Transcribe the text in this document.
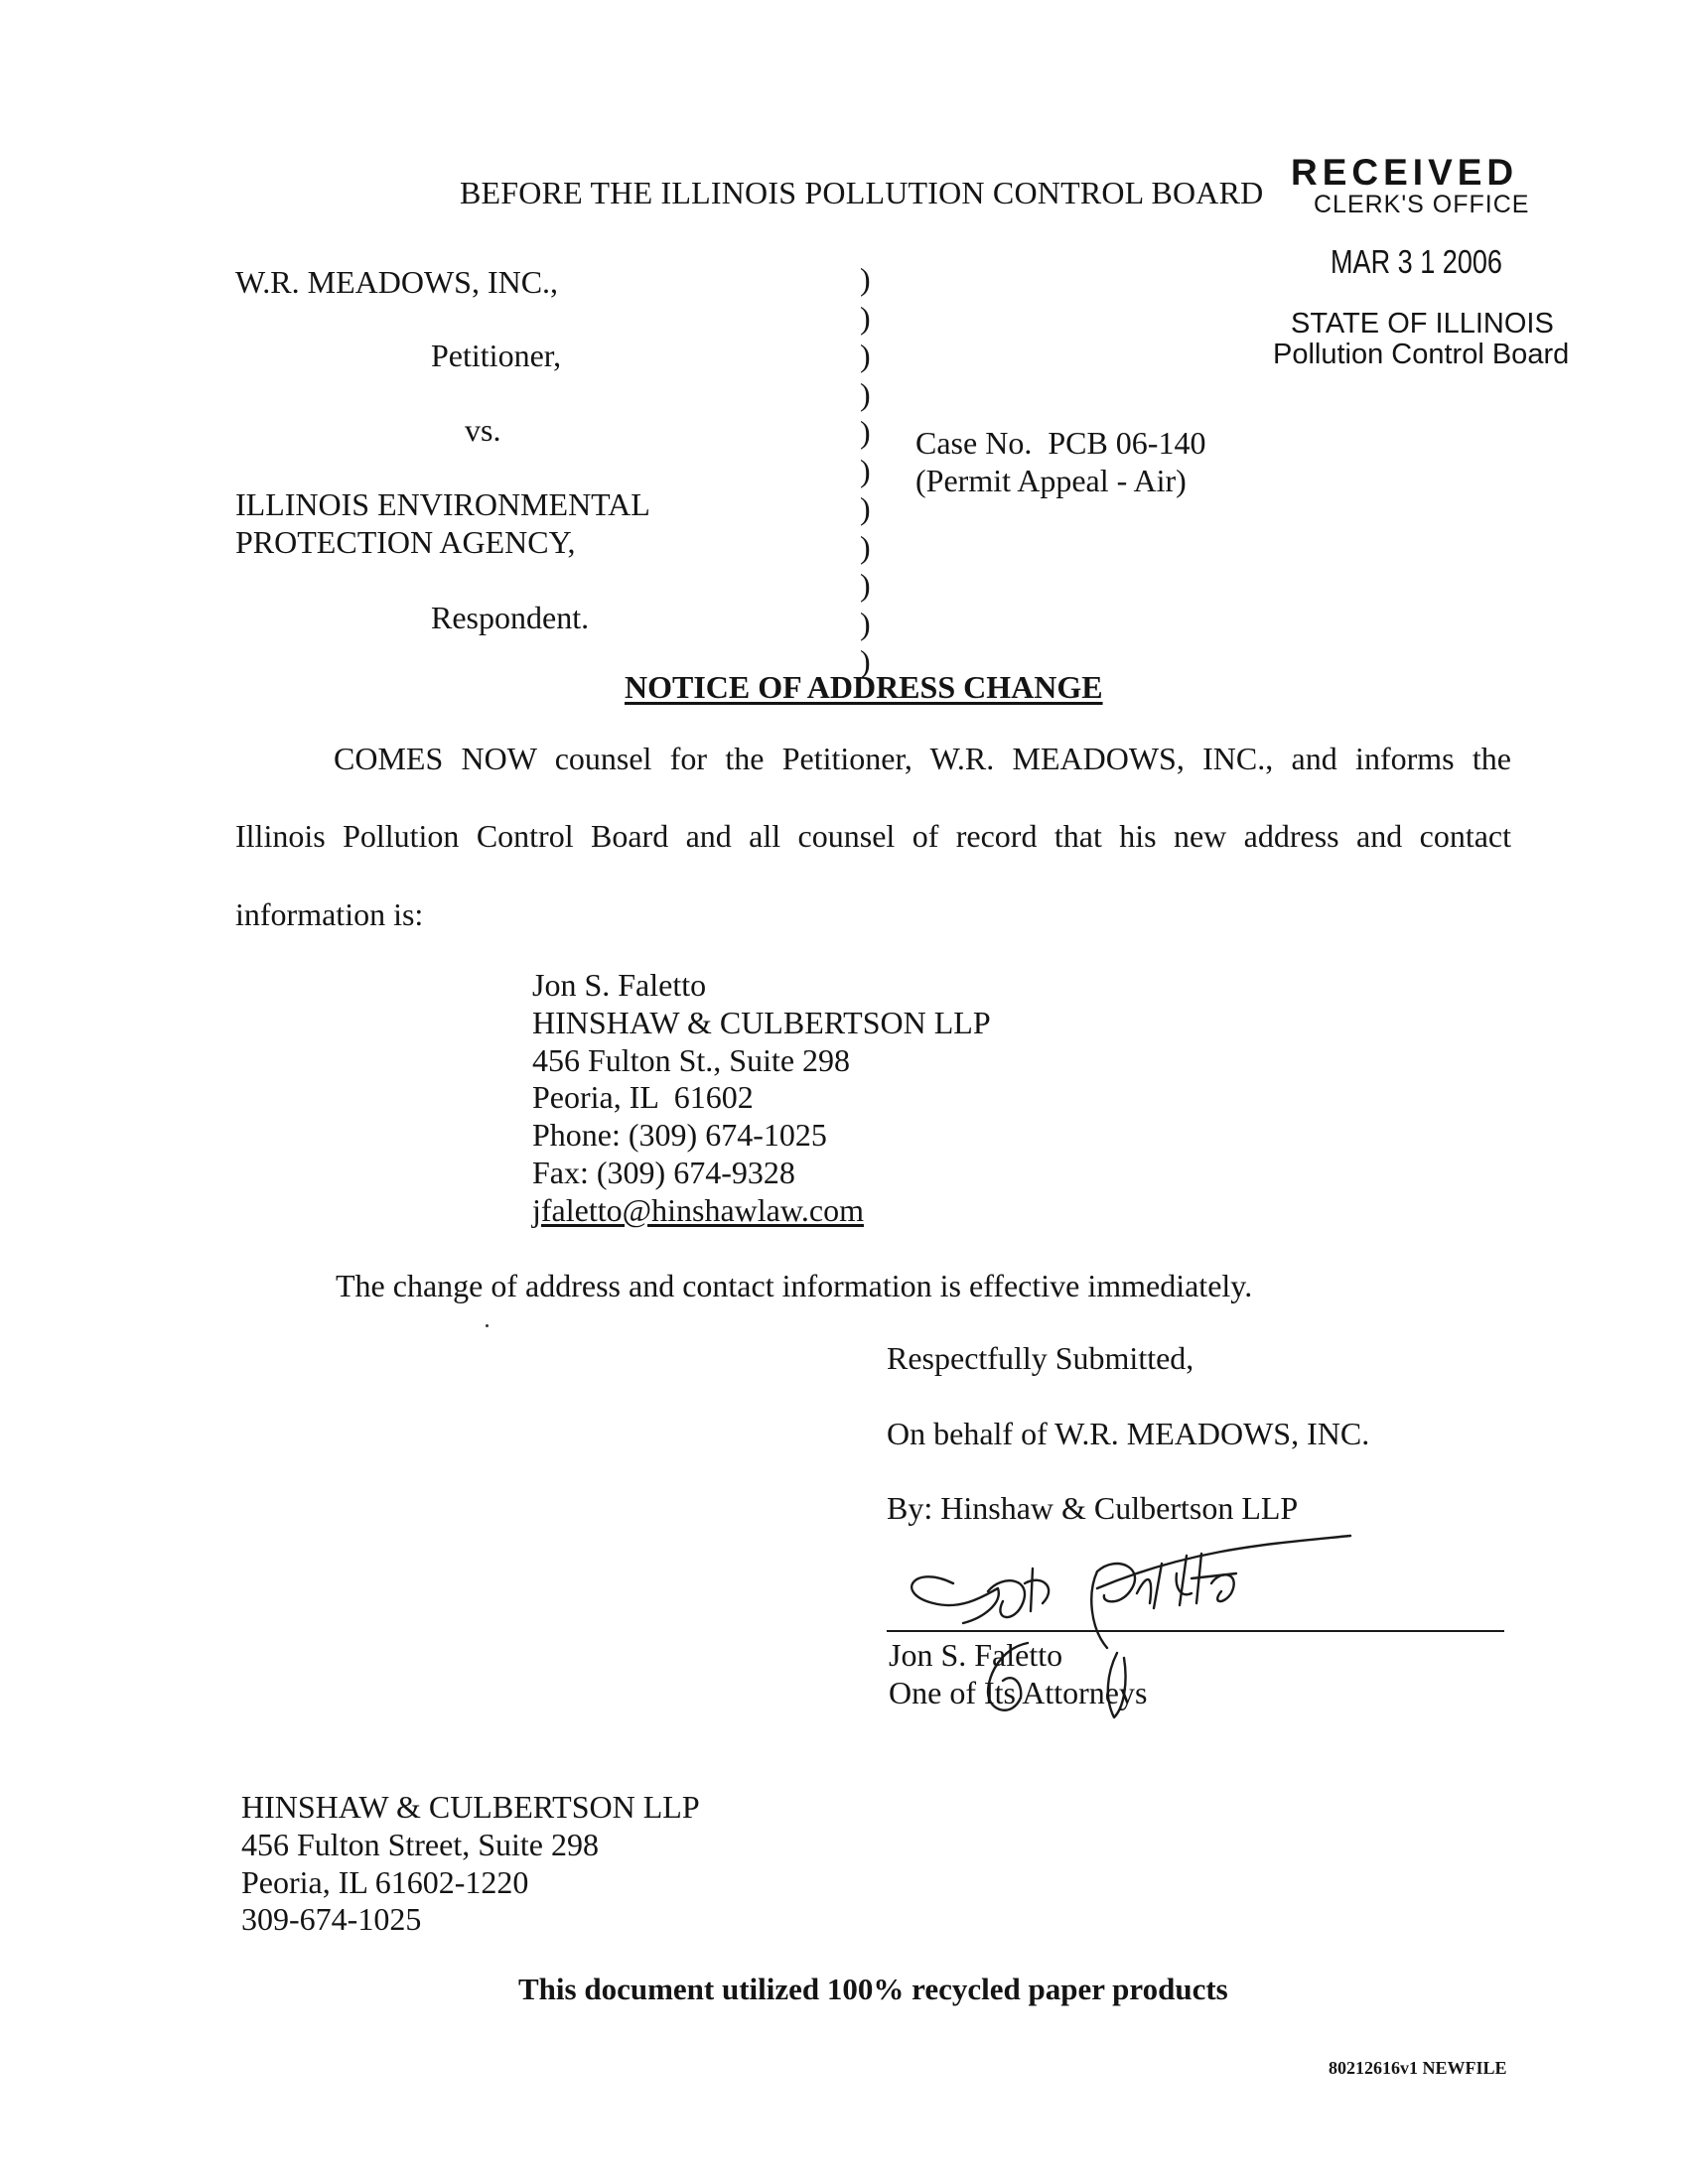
BEFORE THE ILLINOIS POLLUTION CONTROL BOARD RECEIVED
CLERK'S OFFICE
MAR 3 1 2006
STATE OF ILLINOIS
Pollution Control Board
W.R. MEADOWS, INC.,
Petitioner,
vs.
ILLINOIS ENVIRONMENTAL
PROTECTION AGENCY,
Respondent.
)
)
)
)
)
)
)
)
)
)
)
Case No.  PCB 06-140
(Permit Appeal - Air)
NOTICE OF ADDRESS CHANGE
COMES NOW counsel for the Petitioner, W.R. MEADOWS, INC., and informs the
Illinois Pollution Control Board and all counsel of record that his new address and contact
information is:
Jon S. Faletto
HINSHAW & CULBERTSON LLP
456 Fulton St., Suite 298
Peoria, IL  61602
Phone: (309) 674-1025
Fax: (309) 674-9328
jfaletto@hinshawlaw.com
The change of address and contact information is effective immediately.
Respectfully Submitted,
On behalf of W.R. MEADOWS, INC.
By: Hinshaw & Culbertson LLP
Jon S. Faletto
One of Its Attorneys
HINSHAW & CULBERTSON LLP
456 Fulton Street, Suite 298
Peoria, IL 61602-1220
309-674-1025
This document utilized 100% recycled paper products
80212616v1 NEWFILE
